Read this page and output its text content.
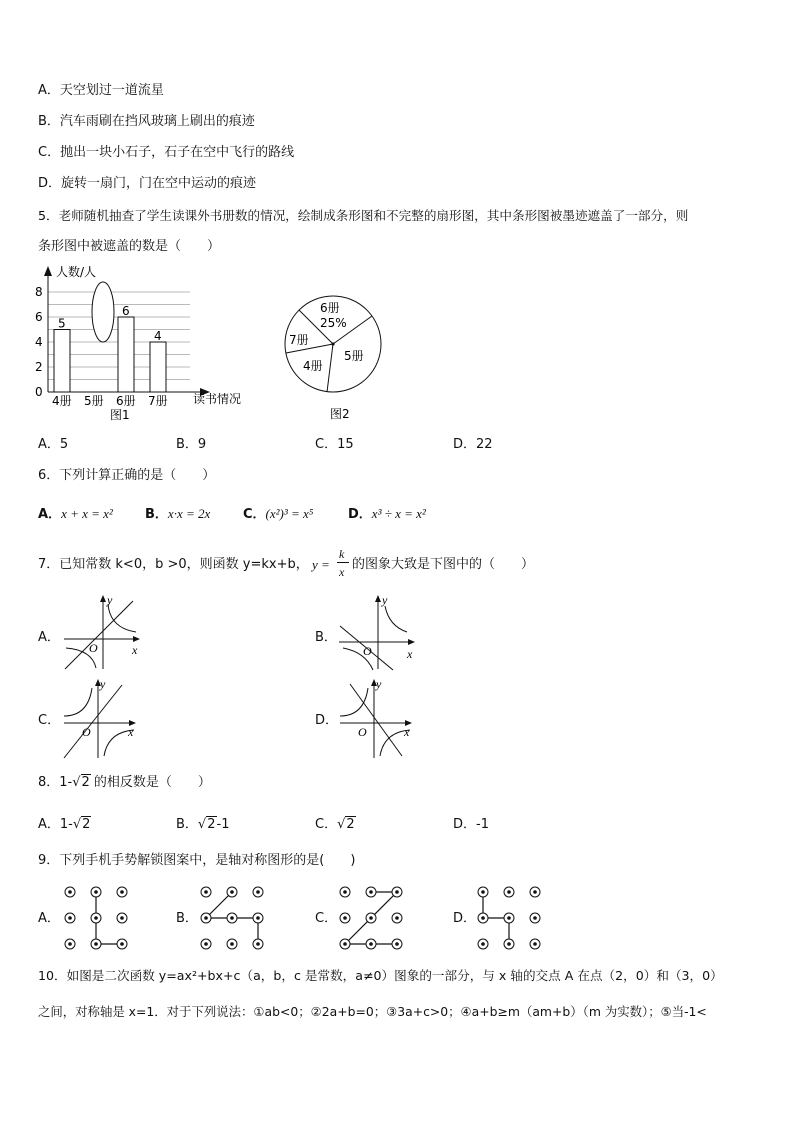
A．天空划过一道流星
B．汽车雨刷在挡风玻璃上刷出的痕迹
C．抛出一块小石子，石子在空中飞行的路线
D．旋转一扇门，门在空中运动的痕迹
5．老师随机抽查了学生读课外书册数的情况，绘制成条形图和不完整的扇形图，其中条形图被墨迹遮盖了一部分，则
条形图中被遮盖的数是（　　）
5
6
4
0
2
4
6
8
4册 5册 6册 7册
人数/人
读书情况
图1
6册
25%
7册
5册
4册
图2
A．5	B．9	C．15	D．22
6．下列计算正确的是（　　）
A．x + x = x² B．x·x = 2x	C．(x²)³ = x⁵	D．x³ ÷ x = x²
7．已知常数 k<0，b >0，则函数 y=kx+b， y =
k
x 的图象大致是下图中的（　　）
A．	B．
C．	D．
y
x
O
y
x
O
y
x
O
y
x
O
8．1-√2 的相反数是（　　）
A．1-√2	B．√2-1	C．√2	D．-1
9．下列手机手势解锁图案中，是轴对称图形的是(　　)
A．	B．	C．	D．
10．如图是二次函数 y=ax²+bx+c（a，b，c 是常数，a≠0）图象的一部分，与 x 轴的交点 A 在点（2，0）和（3，0）
之间，对称轴是 x=1．对于下列说法：①ab<0；②2a+b=0；③3a+c>0；④a+b≥m（am+b）（m 为实数）；⑤当-1<
